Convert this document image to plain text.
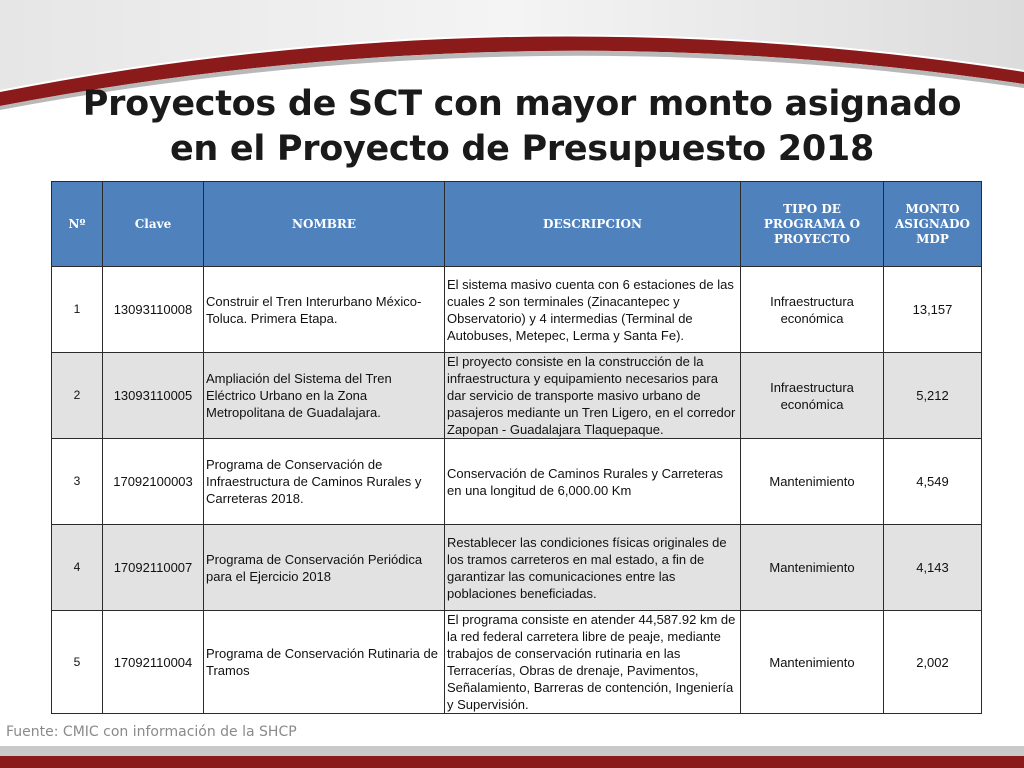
Proyectos de SCT con mayor monto asignado
en el Proyecto de Presupuesto 2018
Nº	Clave	NOMBRE	DESCRIPCION	TIPO DE PROGRAMA O PROYECTO	MONTO ASIGNADO MDP
1	13093110008	Construir el Tren Interurbano México-Toluca. Primera Etapa.	El sistema masivo cuenta con 6 estaciones de las cuales 2 son terminales (Zinacantepec y Observatorio) y 4 intermedias (Terminal de Autobuses, Metepec, Lerma y Santa Fe).	Infraestructura económica	13,157
2	13093110005	Ampliación del Sistema del Tren Eléctrico Urbano en la Zona Metropolitana de Guadalajara.	El proyecto consiste en la construcción de la infraestructura y equipamiento necesarios para dar servicio de transporte masivo urbano de pasajeros mediante un Tren Ligero, en el corredor Zapopan - Guadalajara Tlaquepaque.	Infraestructura económica	5,212
3	17092100003	Programa de Conservación de Infraestructura de Caminos Rurales y Carreteras 2018.	Conservación de Caminos Rurales y Carreteras en una longitud de 6,000.00 Km	Mantenimiento	4,549
4	17092110007	Programa de Conservación Periódica para el Ejercicio 2018	Restablecer las condiciones físicas originales de los tramos carreteros en mal estado, a fin de garantizar las comunicaciones entre las poblaciones beneficiadas.	Mantenimiento	4,143
5	17092110004	Programa de Conservación Rutinaria de Tramos	El programa consiste en atender 44,587.92 km de la red federal carretera libre de peaje, mediante trabajos de conservación rutinaria en las Terracerías, Obras de drenaje, Pavimentos, Señalamiento, Barreras de contención, Ingeniería y Supervisión.	Mantenimiento	2,002
Fuente: CMIC con información de la SHCP
